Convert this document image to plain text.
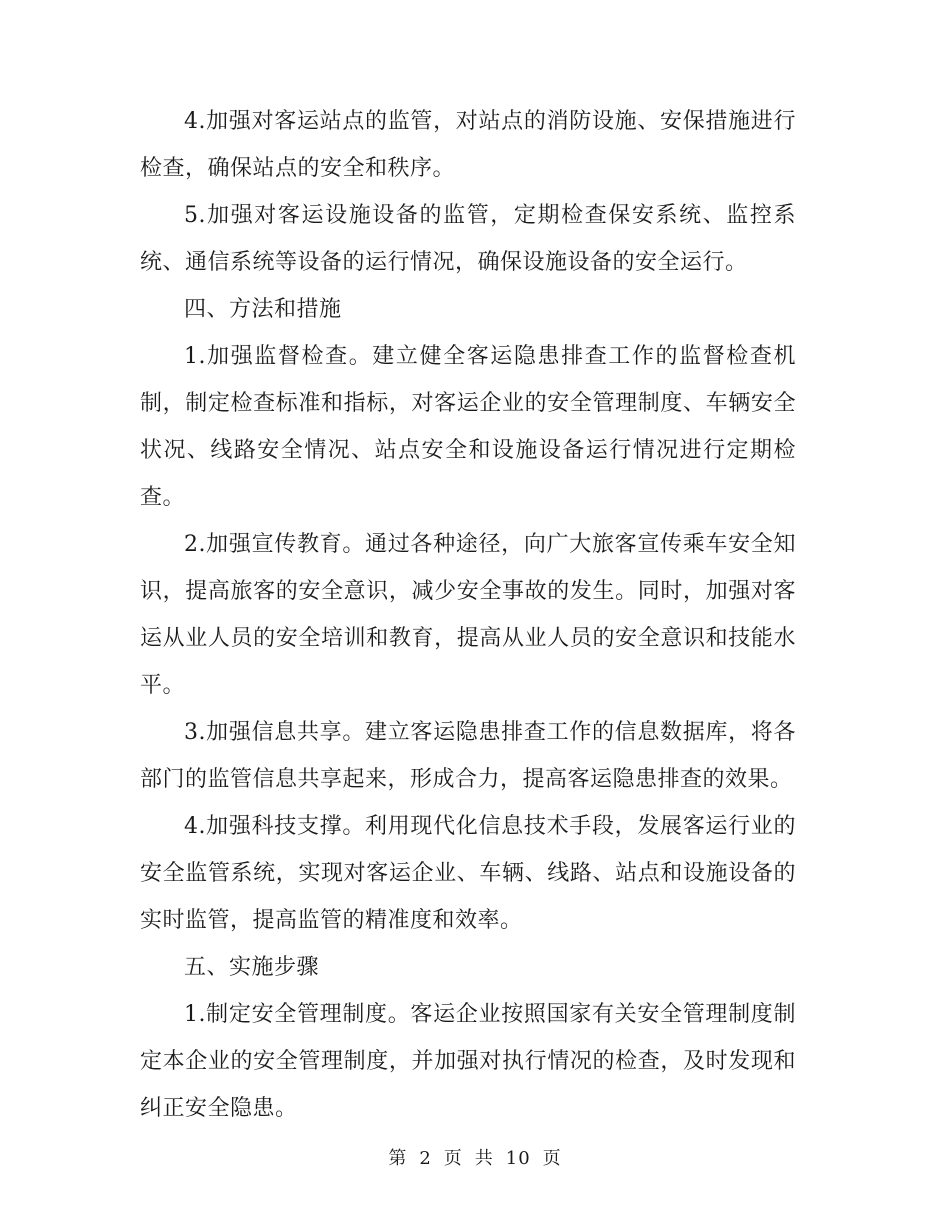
4.加强对客运站点的监管，对站点的消防设施、安保措施进行检查，确保站点的安全和秩序。

5.加强对客运设施设备的监管，定期检查保安系统、监控系统、通信系统等设备的运行情况，确保设施设备的安全运行。

四、方法和措施

1.加强监督检查。建立健全客运隐患排查工作的监督检查机制，制定检查标准和指标，对客运企业的安全管理制度、车辆安全状况、线路安全情况、站点安全和设施设备运行情况进行定期检查。

2.加强宣传教育。通过各种途径，向广大旅客宣传乘车安全知识，提高旅客的安全意识，减少安全事故的发生。同时，加强对客运从业人员的安全培训和教育，提高从业人员的安全意识和技能水平。

3.加强信息共享。建立客运隐患排查工作的信息数据库，将各部门的监管信息共享起来，形成合力，提高客运隐患排查的效果。

4.加强科技支撑。利用现代化信息技术手段，发展客运行业的安全监管系统，实现对客运企业、车辆、线路、站点和设施设备的实时监管，提高监管的精准度和效率。

五、实施步骤

1.制定安全管理制度。客运企业按照国家有关安全管理制度制定本企业的安全管理制度，并加强对执行情况的检查，及时发现和纠正安全隐患。

第 2 页 共 10 页
